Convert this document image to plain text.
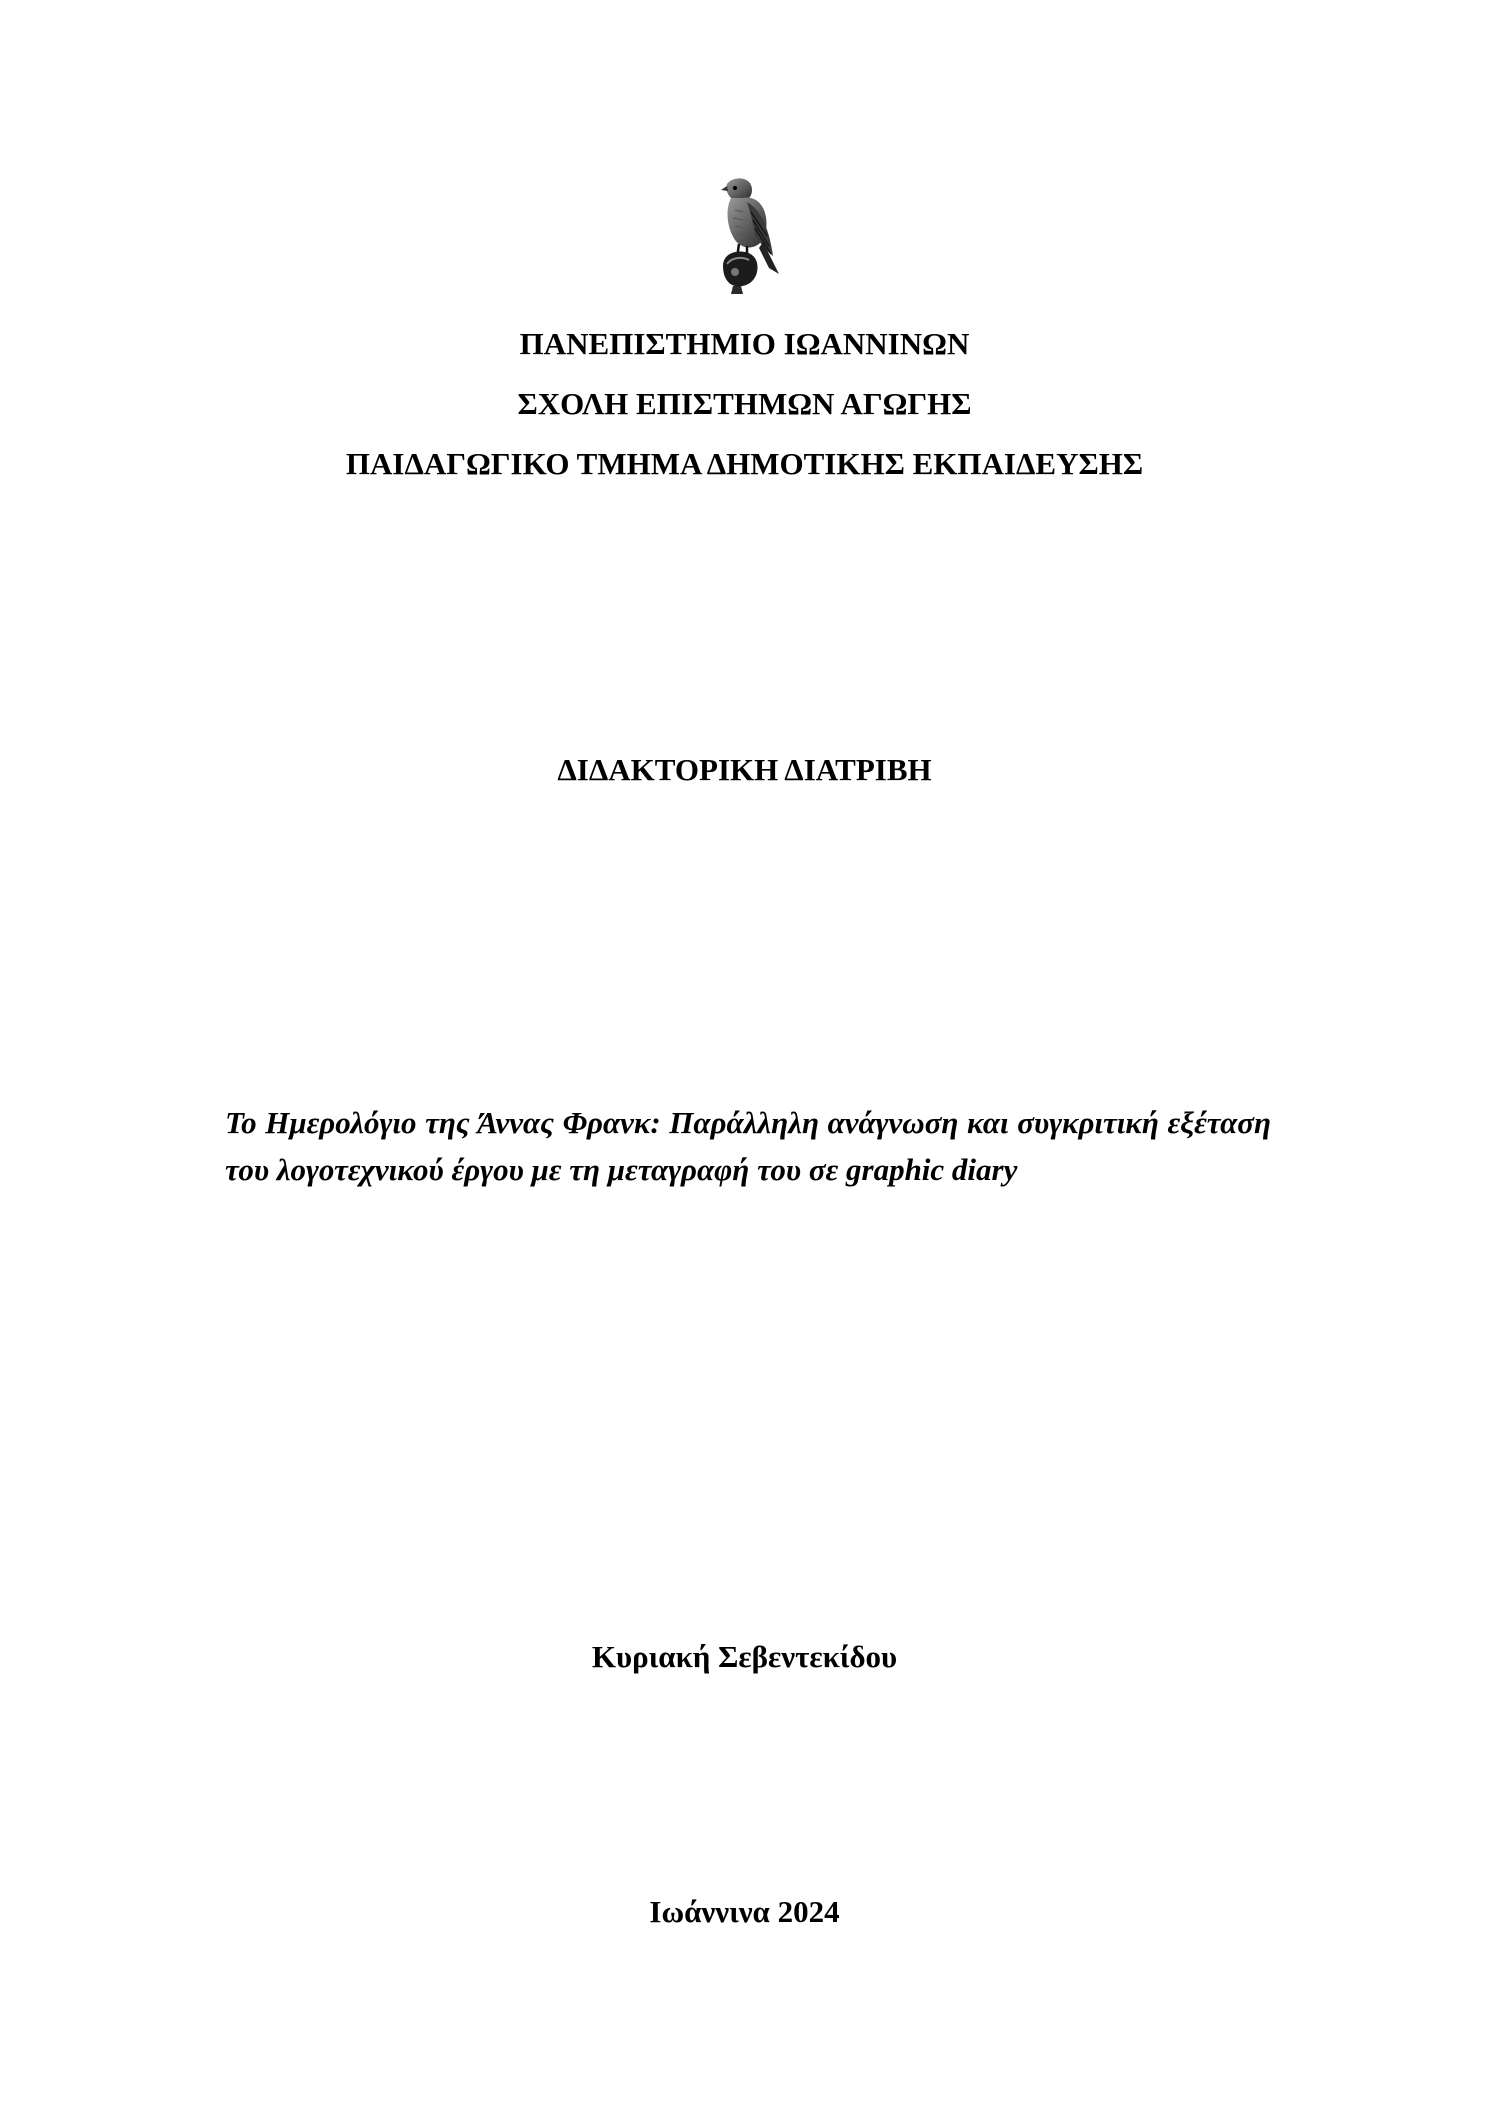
ΠΑΝΕΠΙΣΤΗΜΙΟ ΙΩΑΝΝΙΝΩΝ
ΣΧΟΛΗ ΕΠΙΣΤΗΜΩΝ ΑΓΩΓΗΣ
ΠΑΙΔΑΓΩΓΙΚΟ ΤΜΗΜΑ ΔΗΜΟΤΙΚΗΣ ΕΚΠΑΙΔΕΥΣΗΣ
ΔΙΔΑΚΤΟΡΙΚΗ ΔΙΑΤΡΙΒΗ

Το Ημερολόγιο της Άννας Φρανκ: Παράλληλη ανάγνωση και συγκριτική εξέταση του λογοτεχνικού έργου με τη μεταγραφή του σε graphic diary

Κυριακή Σεβεντεκίδου
Ιωάννινα 2024
